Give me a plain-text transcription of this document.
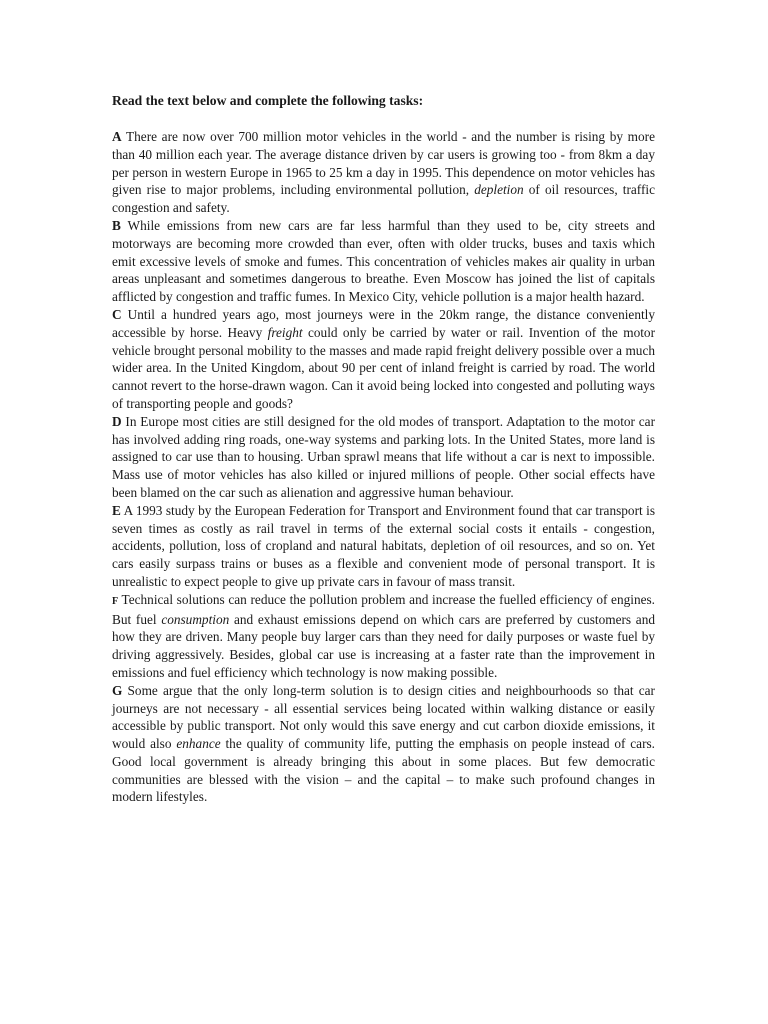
Read the text below and complete the following tasks:

A There are now over 700 million motor vehicles in the world - and the number is rising by more than 40 million each year. The average distance driven by car users is growing too - from 8km a day per person in western Europe in 1965 to 25 km a day in 1995. This dependence on motor vehicles has given rise to major problems, including environmental pollution, depletion of oil resources, traffic congestion and safety.

B While emissions from new cars are far less harmful than they used to be, city streets and motorways are becoming more crowded than ever, often with older trucks, buses and taxis which emit excessive levels of smoke and fumes. This concentration of vehicles makes air quality in urban areas unpleasant and sometimes dangerous to breathe. Even Moscow has joined the list of capitals afflicted by congestion and traffic fumes. In Mexico City, vehicle pollution is a major health hazard.

C Until a hundred years ago, most journeys were in the 20km range, the distance conveniently accessible by horse. Heavy freight could only be carried by water or rail. Invention of the motor vehicle brought personal mobility to the masses and made rapid freight delivery possible over a much wider area. In the United Kingdom, about 90 per cent of inland freight is carried by road. The world cannot revert to the horse-drawn wagon. Can it avoid being locked into congested and polluting ways of transporting people and goods?

D In Europe most cities are still designed for the old modes of transport. Adaptation to the motor car has involved adding ring roads, one-way systems and parking lots. In the United States, more land is assigned to car use than to housing. Urban sprawl means that life without a car is next to impossible. Mass use of motor vehicles has also killed or injured millions of people. Other social effects have been blamed on the car such as alienation and aggressive human behaviour.

E A 1993 study by the European Federation for Transport and Environment found that car transport is seven times as costly as rail travel in terms of the external social costs it entails - congestion, accidents, pollution, loss of cropland and natural habitats, depletion of oil resources, and so on. Yet cars easily surpass trains or buses as a flexible and convenient mode of personal transport. It is unrealistic to expect people to give up private cars in favour of mass transit.

F Technical solutions can reduce the pollution problem and increase the fuelled efficiency of engines. But fuel consumption and exhaust emissions depend on which cars are preferred by customers and how they are driven. Many people buy larger cars than they need for daily purposes or waste fuel by driving aggressively. Besides, global car use is increasing at a faster rate than the improvement in emissions and fuel efficiency which technology is now making possible.

G Some argue that the only long-term solution is to design cities and neighbourhoods so that car journeys are not necessary - all essential services being located within walking distance or easily accessible by public transport. Not only would this save energy and cut carbon dioxide emissions, it would also enhance the quality of community life, putting the emphasis on people instead of cars. Good local government is already bringing this about in some places. But few democratic communities are blessed with the vision – and the capital – to make such profound changes in modern lifestyles.
